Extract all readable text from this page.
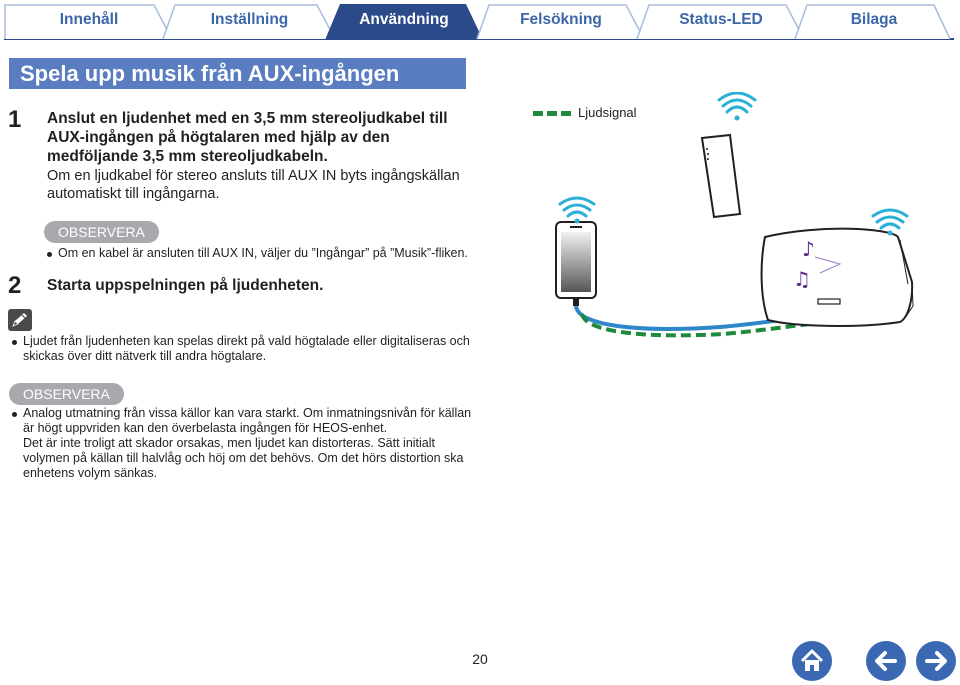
Innehåll	Inställning	Användning	Felsökning	Status-LED	Bilaga
Spela upp musik från AUX-ingången
1 Anslut en ljudenhet med en 3,5 mm stereoljudkabel till
AUX-ingången på högtalaren med hjälp av den
medföljande 3,5 mm stereoljudkabeln.
Om en ljudkabel för stereo ansluts till AUX IN byts ingångskällan
automatiskt till ingångarna.
OBSERVERA
Om en kabel är ansluten till AUX IN, väljer du ”Ingångar” på ”Musik”-fliken.
2 Starta uppspelningen på ljudenheten.
Ljudet från ljudenheten kan spelas direkt på vald högtalade eller digitaliseras och
skickas över ditt nätverk till andra högtalare.
OBSERVERA
Analog utmatning från vissa källor kan vara starkt. Om inmatningsnivån för källan
är högt uppvriden kan den överbelasta ingången för HEOS-enhet.
Det är inte troligt att skador orsakas, men ljudet kan distorteras. Sätt initialt
volymen på källan till halvlåg och höj om det behövs. Om det hörs distortion ska
enhetens volym sänkas.
Ljudsignal
♪
♫
20
